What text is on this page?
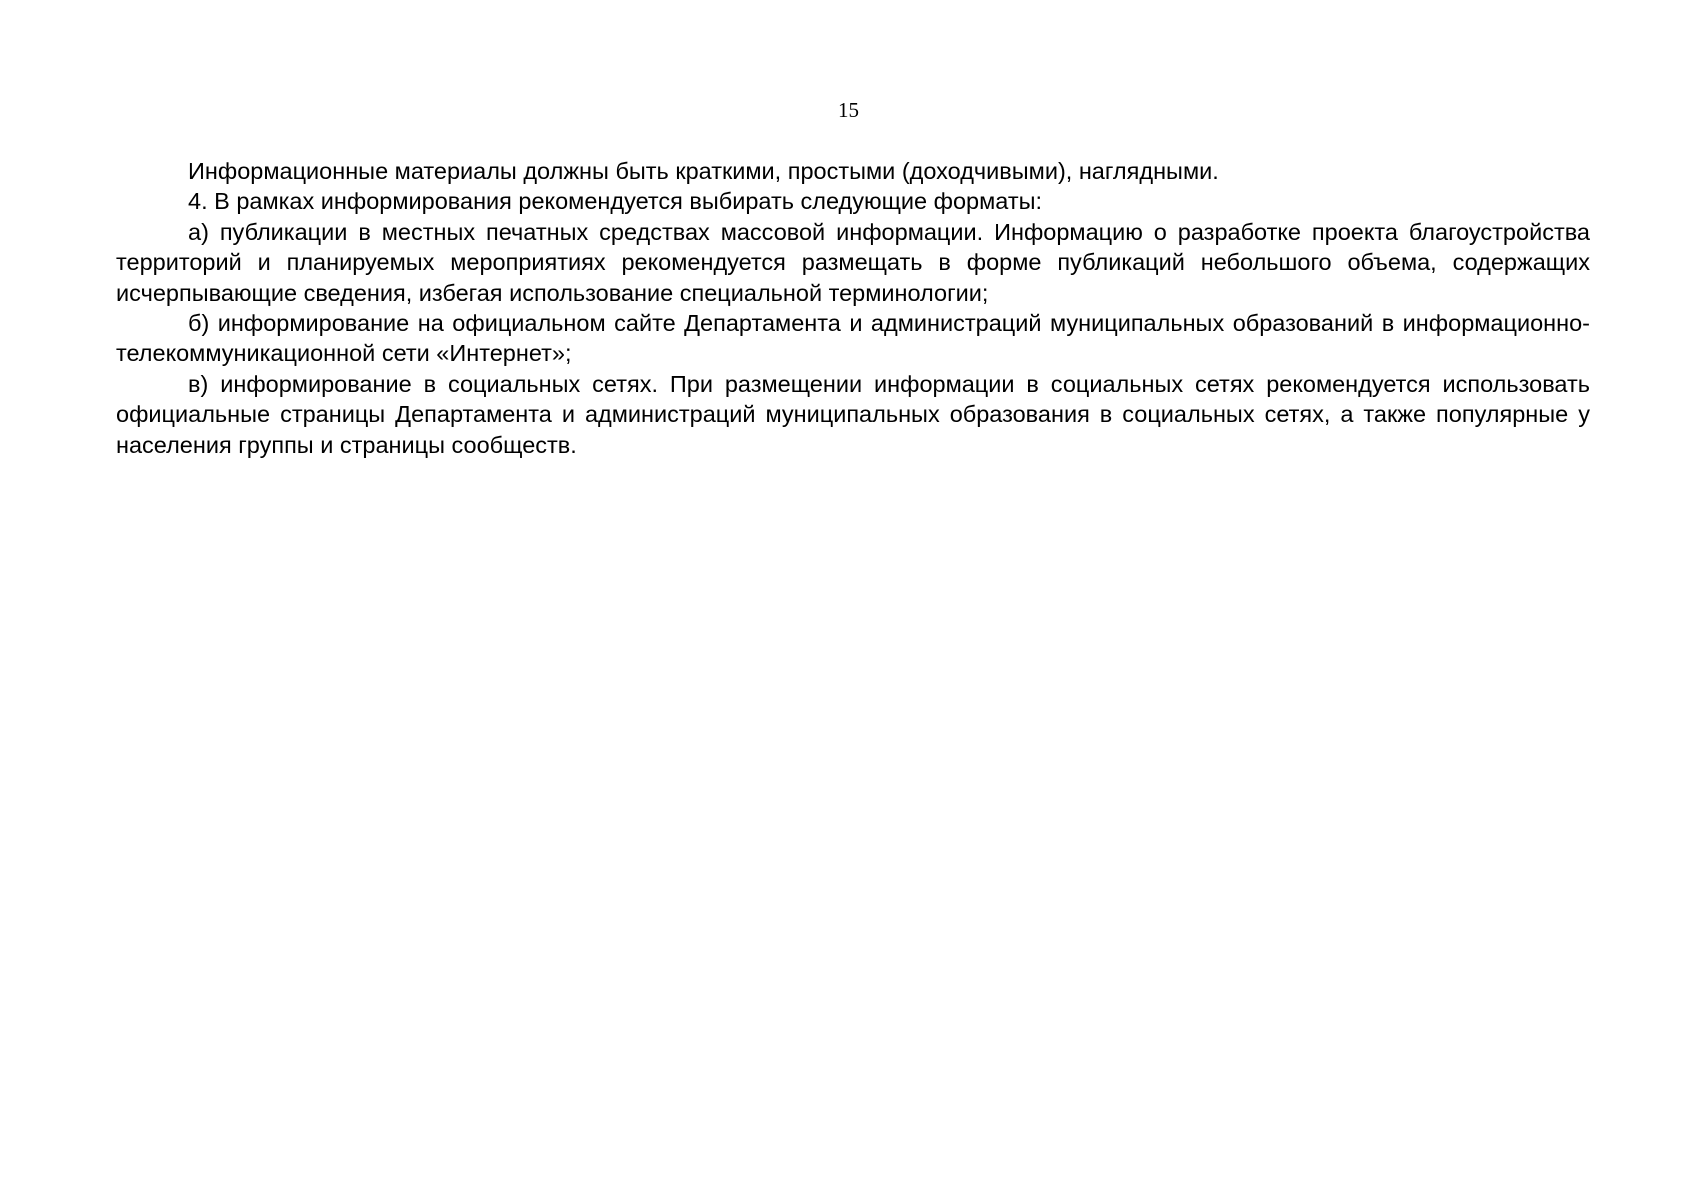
15

Информационные материалы должны быть краткими, простыми (доходчивыми), наглядными.

4. В рамках информирования рекомендуется выбирать следующие форматы:

а) публикации в местных печатных средствах массовой информации. Информацию о разработке проекта благоустройства территорий и планируемых мероприятиях рекомендуется размещать в форме публикаций небольшого объема, содержащих исчерпывающие сведения, избегая использование специальной терминологии;

б) информирование на официальном сайте Департамента и администраций муниципальных образований в информационно-телекоммуникационной сети «Интернет»;

в) информирование в социальных сетях. При размещении информации в социальных сетях рекомендуется использовать официальные страницы Департамента и администраций муниципальных образования в социальных сетях, а также популярные у населения группы и страницы сообществ.
